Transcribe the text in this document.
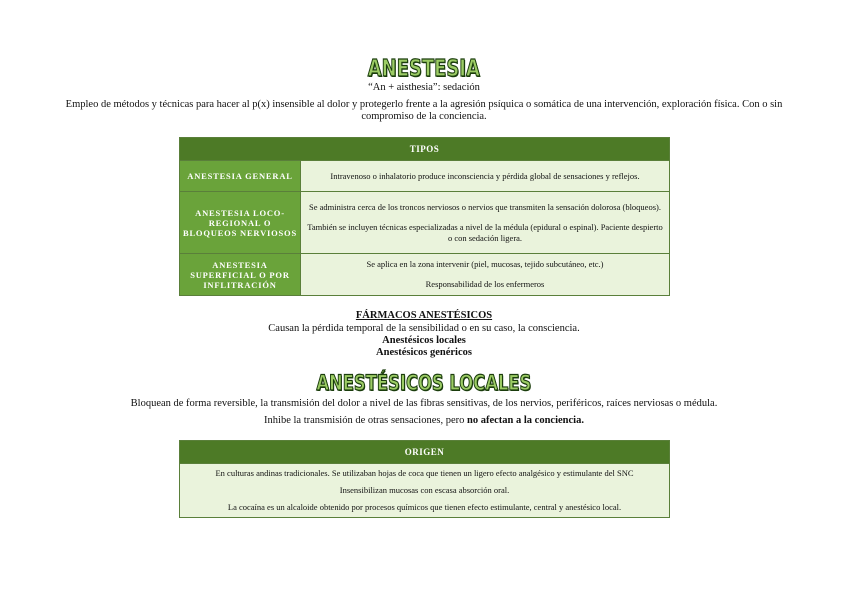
ANESTESIA
“An + aisthesia”: sedación
Empleo de métodos y técnicas para hacer al p(x) insensible al dolor y protegerlo frente a la agresión psíquica o somática de una intervención, exploración física. Con o sin compromiso de la conciencia.
TIPOS	
ANESTESIA GENERAL	Intravenoso o inhalatorio produce inconsciencia y pérdida global de sensaciones y reflejos.

ANESTESIA LOCO-REGIONAL O BLOQUEOS NERVIOSOS	Se administra cerca de los troncos nerviosos o nervios que transmiten la sensación dolorosa (bloqueos).

También se incluyen técnicas especializadas a nivel de la médula (epidural o espinal). Paciente despierto o con sedación ligera.

ANESTESIA SUPERFICIAL O POR INFLITRACIÓN	Se aplica en la zona intervenir (piel, mucosas, tejido subcutáneo, etc.)

Responsabilidad de los enfermeros

FÁRMACOS ANESTÉSICOS
Causan la pérdida temporal de la sensibilidad o en su caso, la consciencia.
Anestésicos locales
Anestésicos genéricos
ANESTÉSICOS LOCALES
Bloquean de forma reversible, la transmisión del dolor a nivel de las fibras sensitivas, de los nervios, periféricos, raíces nerviosas o médula.
Inhibe la transmisión de otras sensaciones, pero no afectan a la conciencia.
ORIGEN

En culturas andinas tradicionales. Se utilizaban hojas de coca que tienen un ligero efecto analgésico y estimulante del SNC

Insensibilizan mucosas con escasa absorción oral.

La cocaína es un alcaloide obtenido por procesos químicos que tienen efecto estimulante, central y anestésico local.
